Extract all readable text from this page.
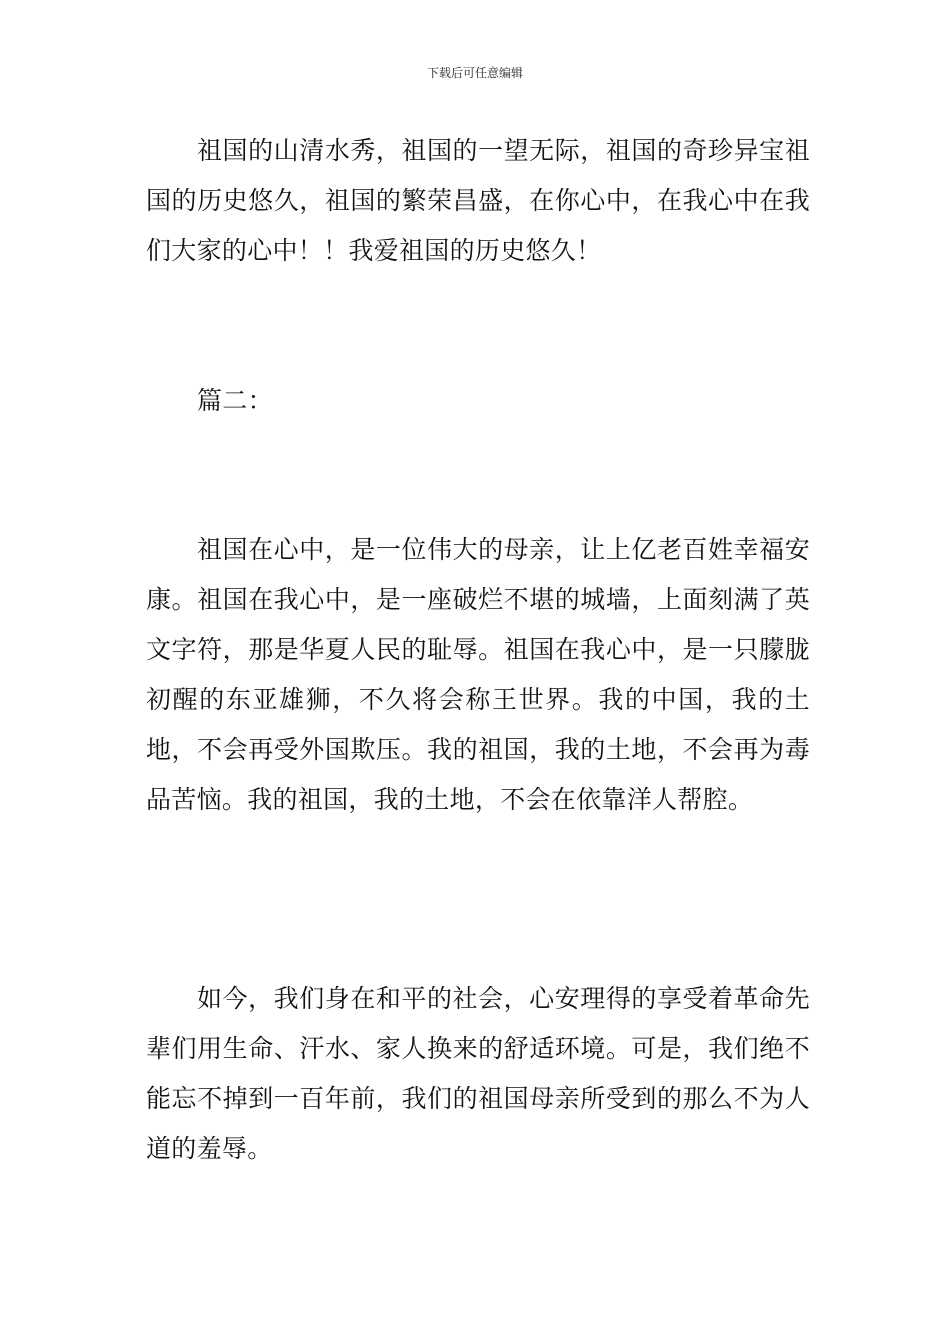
下载后可任意编辑

祖国的山清水秀，祖国的一望无际，祖国的奇珍异宝祖国的历史悠久，祖国的繁荣昌盛，在你心中，在我心中在我们大家的心中！！我爱祖国的历史悠久！

篇二：

祖国在心中，是一位伟大的母亲，让上亿老百姓幸福安康。祖国在我心中，是一座破烂不堪的城墙，上面刻满了英文字符，那是华夏人民的耻辱。祖国在我心中，是一只朦胧初醒的东亚雄狮，不久将会称王世界。我的中国，我的土地，不会再受外国欺压。我的祖国，我的土地，不会再为毒品苦恼。我的祖国，我的土地，不会在依靠洋人帮腔。

如今，我们身在和平的社会，心安理得的享受着革命先辈们用生命、汗水、家人换来的舒适环境。可是，我们绝不能忘不掉到一百年前，我们的祖国母亲所受到的那么不为人道的羞辱。
